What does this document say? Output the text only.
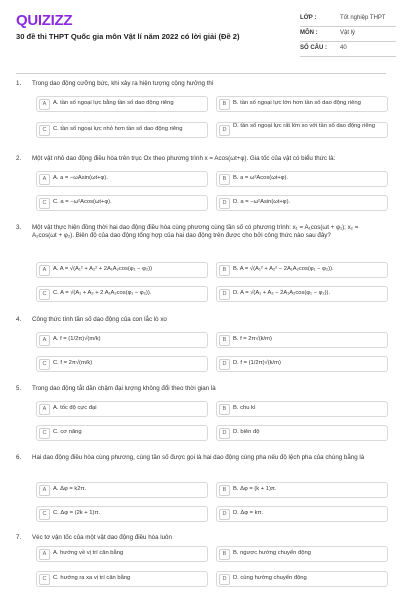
QUIZIZZ
30 đề thi THPT Quốc gia môn Vật lí năm 2022 có lời giải (Đề 2)
LỚP :	Tốt nghiệp THPT
MÔN :	Vật lý
SỐ CÂU : 40
1. Trong dao động cưỡng bức, khi xảy ra hiện tượng cộng hưởng thì
A	A. tần số ngoại lực bằng tần số dao động riêng	B	B. tần số ngoại lực lớn hơn tần số dao động riêng
C	C. tần số ngoại lực nhỏ hơn tần số dao động riêng	D
D. tần số ngoại lực rất lớn so với tần số dao động riêng
2. Một vật nhỏ dao động điều hòa trên trục Ox theo phương trình x = Acos(ωt+φ). Gia tốc của vật có biểu thức là:
A	A. a = −ωAsin(ωt+φ).	B	B. a = ω²Acos(ωt+φ).
C	C. a = −ω²Acos(ωt+φ).	D	D. a = −ω²Asin(ωt+φ).
3. Một vật thực hiện đồng thời hai dao động điều hòa cùng phương cùng tần số có phương trình: x₁ = A₁cos(ωt + φ₁); x₂ = A₂cos(ωt + φ₂). Biên độ của dao động tổng hợp của hai dao động trên được cho bởi công thức nào sau đây?
A	A. A = √(A₁² + A₂² + 2A₁A₂cos(φ₁ − φ₂))	B	B. A = √(A₁² + A₂² − 2A₁A₂cos(φ₁ − φ₂)).
C	C. A = √(A₁ + A₂ + 2 A₁A₂cos(φ₁ − φ₂)).	D	D. A = √(A₁ + A₂ − 2A₁A₂cos(φ₁ − φ₂)).
4. Công thức tính tần số dao động của con lắc lò xo
A	A. f = (1/2π)√(m/k)	B	B. f = 2π√(k/m)
C	C. f = 2π√(m/k)	D	D. f = (1/2π)√(k/m)
5. Trong dao động tắt dần chậm đại lượng không đổi theo thời gian là
A	A. tốc độ cực đại	B	B. chu kì
C	C. cơ năng	D	D. biên độ
6. Hai dao động điều hòa cùng phương, cùng tần số được gọi là hai dao động cùng pha nếu độ lệch pha của chúng bằng là
A	A. Δφ = k2π.	B	B. Δφ = (k + 1)π.
C	C. Δφ = (2k + 1)π.	D	D. Δφ = kπ.
7. Véc tơ vận tốc của một vật dao động điều hòa luôn
A	A. hướng về vị trí cân bằng	B	B. ngược hướng chuyển động
C	C. hướng ra xa vị trí cân bằng	D	D. cùng hướng chuyển động
